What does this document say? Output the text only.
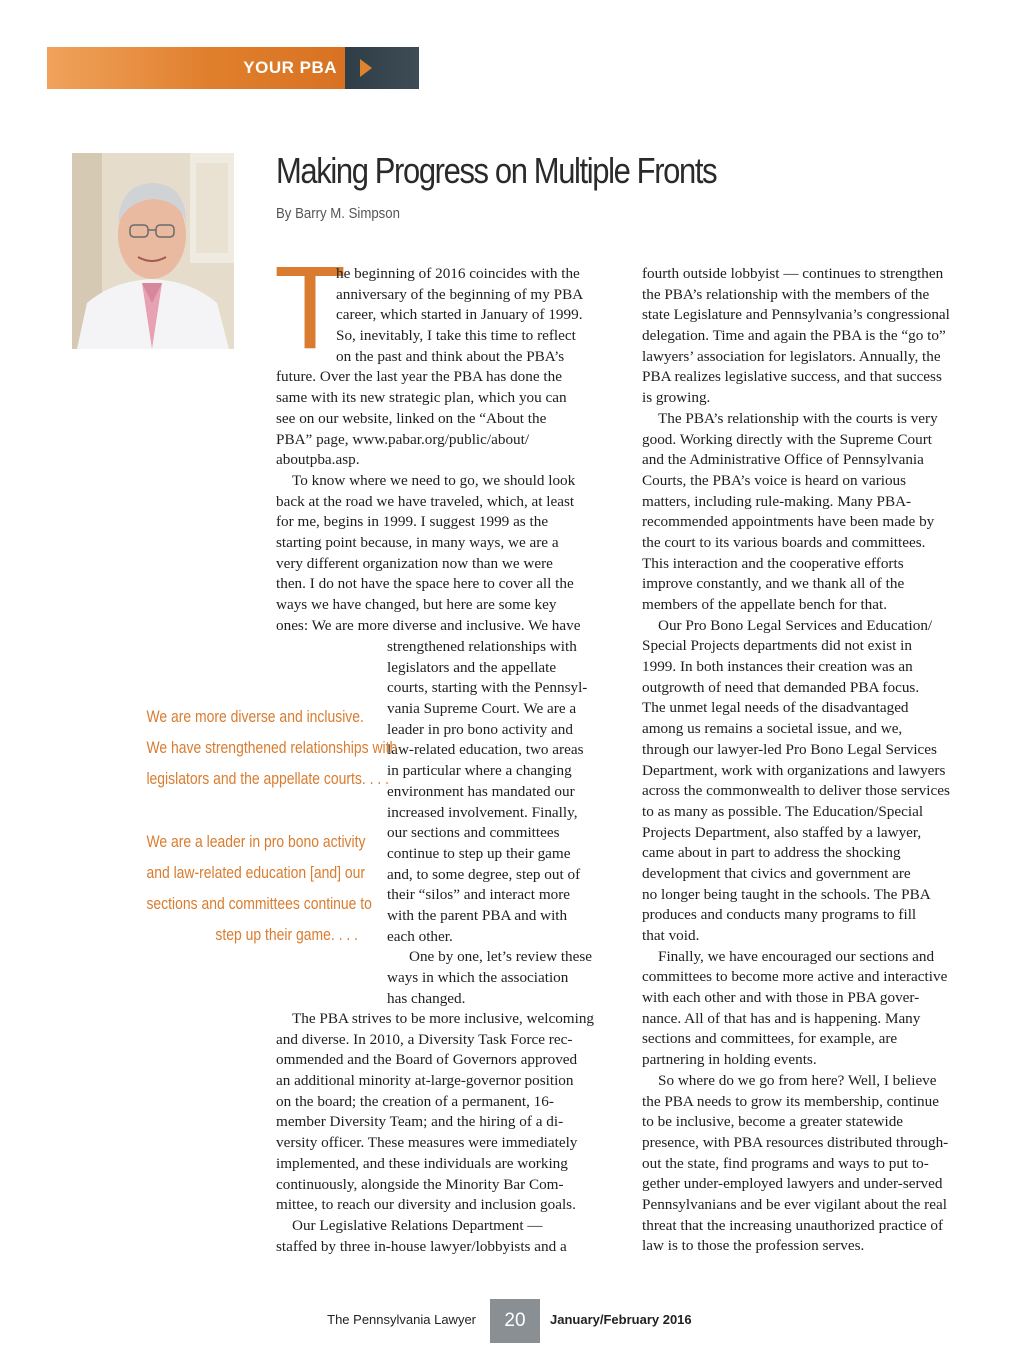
YOUR PBA
Making Progress on Multiple Fronts
By Barry M. Simpson
T
he beginning of 2016 coincides with the
anniversary of the beginning of my PBA
career, which started in January of 1999.
So, inevitably, I take this time to reflect
on the past and think about the PBA’s
future. Over the last year the PBA has done the
same with its new strategic plan, which you can
see on our website, linked on the “About the
PBA” page, www.pabar.org/public/about/
aboutpba.asp.
To know where we need to go, we should look
back at the road we have traveled, which, at least
for me, begins in 1999. I suggest 1999 as the
starting point because, in many ways, we are a
very different organization now than we were
then. I do not have the space here to cover all the
ways we have changed, but here are some key
ones: We are more diverse and inclusive. We have
strengthened relationships with
legislators and the appellate
courts, starting with the Pennsyl-
vania Supreme Court. We are a
leader in pro bono activity and
law-related education, two areas
in particular where a changing
environment has mandated our
increased involvement. Finally,
our sections and committees
continue to step up their game
and, to some degree, step out of
their “silos” and interact more
with the parent PBA and with
each other.
One by one, let’s review these
ways in which the association
has changed.
The PBA strives to be more inclusive, welcoming
and diverse. In 2010, a Diversity Task Force rec-
ommended and the Board of Governors approved
an additional minority at-large-governor position
on the board; the creation of a permanent, 16-
member Diversity Team; and the hiring of a di-
versity officer. These measures were immediately
implemented, and these individuals are working
continuously, alongside the Minority Bar Com-
mittee, to reach our diversity and inclusion goals.
Our Legislative Relations Department —
staffed by three in-house lawyer/lobbyists and a
fourth outside lobbyist — continues to strengthen
the PBA’s relationship with the members of the
state Legislature and Pennsylvania’s congressional
delegation. Time and again the PBA is the “go to”
lawyers’ association for legislators. Annually, the
PBA realizes legislative success, and that success
is growing.
The PBA’s relationship with the courts is very
good. Working directly with the Supreme Court
and the Administrative Office of Pennsylvania
Courts, the PBA’s voice is heard on various
matters, including rule-making. Many PBA-
recommended appointments have been made by
the court to its various boards and committees.
This interaction and the cooperative efforts
improve constantly, and we thank all of the
members of the appellate bench for that.
Our Pro Bono Legal Services and Education/
Special Projects departments did not exist in
1999. In both instances their creation was an
outgrowth of need that demanded PBA focus.
The unmet legal needs of the disadvantaged
among us remains a societal issue, and we,
through our lawyer-led Pro Bono Legal Services
Department, work with organizations and lawyers
across the commonwealth to deliver those services
to as many as possible. The Education/Special
Projects Department, also staffed by a lawyer,
came about in part to address the shocking
development that civics and government are
no longer being taught in the schools. The PBA
produces and conducts many programs to fill
that void.
Finally, we have encouraged our sections and
committees to become more active and interactive
with each other and with those in PBA gover-
nance. All of that has and is happening. Many
sections and committees, for example, are
partnering in holding events.
So where do we go from here? Well, I believe
the PBA needs to grow its membership, continue
to be inclusive, become a greater statewide
presence, with PBA resources distributed through-
out the state, find programs and ways to put to-
gether under-employed lawyers and under-served
Pennsylvanians and be ever vigilant about the real
threat that the increasing unauthorized practice of
law is to those the profession serves.
We are more diverse and inclusive.
We have strengthened relationships with
legislators and the appellate courts. . . .
We are a leader in pro bono activity
and law-related education [and] our
sections and committees continue to
step up their game. . . .
The Pennsylvania Lawyer	20	January/February 2016
